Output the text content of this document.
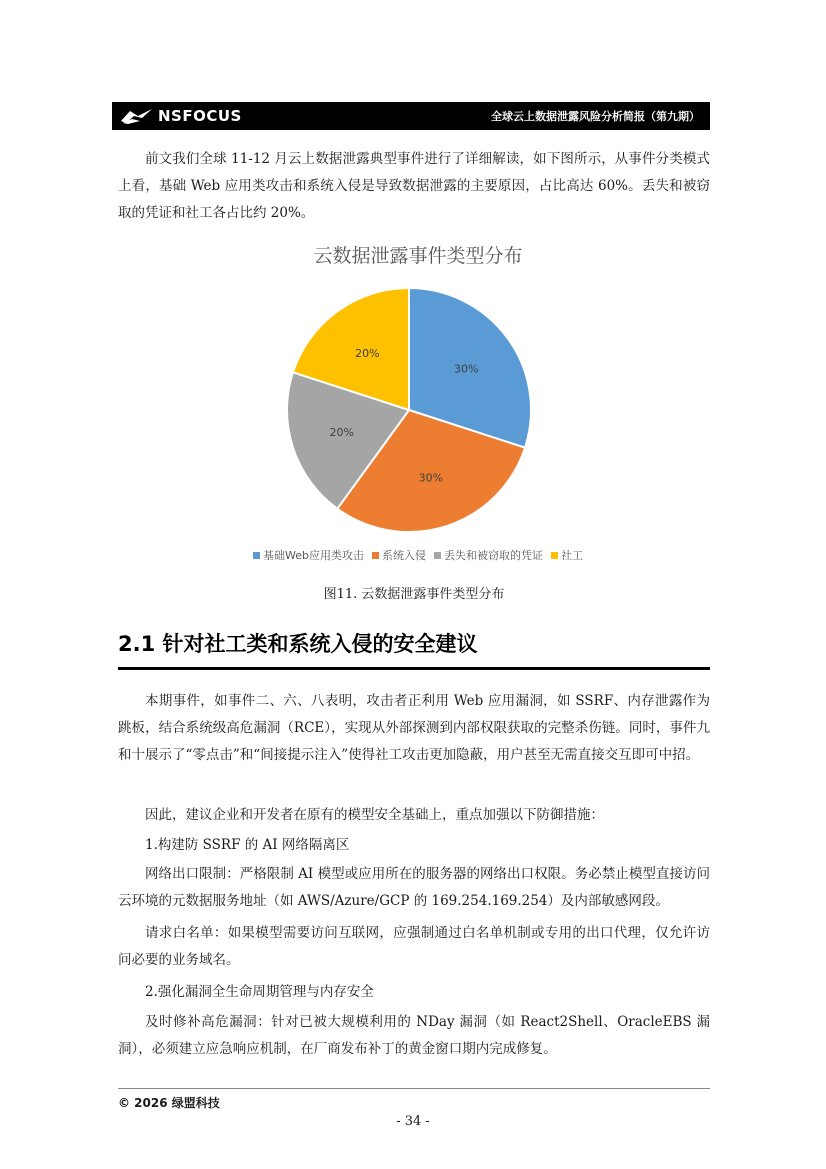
NSFOCUS	全球云上数据泄露风险分析简报（第九期）

前文我们全球 11-12 月云上数据泄露典型事件进行了详细解读，如下图所示，从事件分类模式上看，基础 Web 应用类攻击和系统入侵是导致数据泄露的主要原因，占比高达 60%。丢失和被窃取的凭证和社工各占比约 20%。

云数据泄露事件类型分布
30%
30%
20%
20%
基础Web应用类攻击 系统入侵 丢失和被窃取的凭证 社工
图11. 云数据泄露事件类型分布
2.1 针对社工类和系统入侵的安全建议

本期事件，如事件二、六、八表明，攻击者正利用 Web 应用漏洞，如 SSRF、内存泄露作为跳板，结合系统级高危漏洞（RCE），实现从外部探测到内部权限获取的完整杀伤链。同时，事件九和十展示了“零点击”和“间接提示注入”使得社工攻击更加隐蔽，用户甚至无需直接交互即可中招。

因此，建议企业和开发者在原有的模型安全基础上，重点加强以下防御措施：

1.构建防 SSRF 的 AI 网络隔离区

网络出口限制：严格限制 AI 模型或应用所在的服务器的网络出口权限。务必禁止模型直接访问云环境的元数据服务地址（如 AWS/Azure/GCP 的 169.254.169.254）及内部敏感网段。

请求白名单：如果模型需要访问互联网，应强制通过白名单机制或专用的出口代理，仅允许访问必要的业务域名。

2.强化漏洞全生命周期管理与内存安全

及时修补高危漏洞：针对已被大规模利用的 NDay 漏洞（如 React2Shell、OracleEBS 漏洞），必须建立应急响应机制，在厂商发布补丁的黄金窗口期内完成修复。

© 2026 绿盟科技
- 34 -
